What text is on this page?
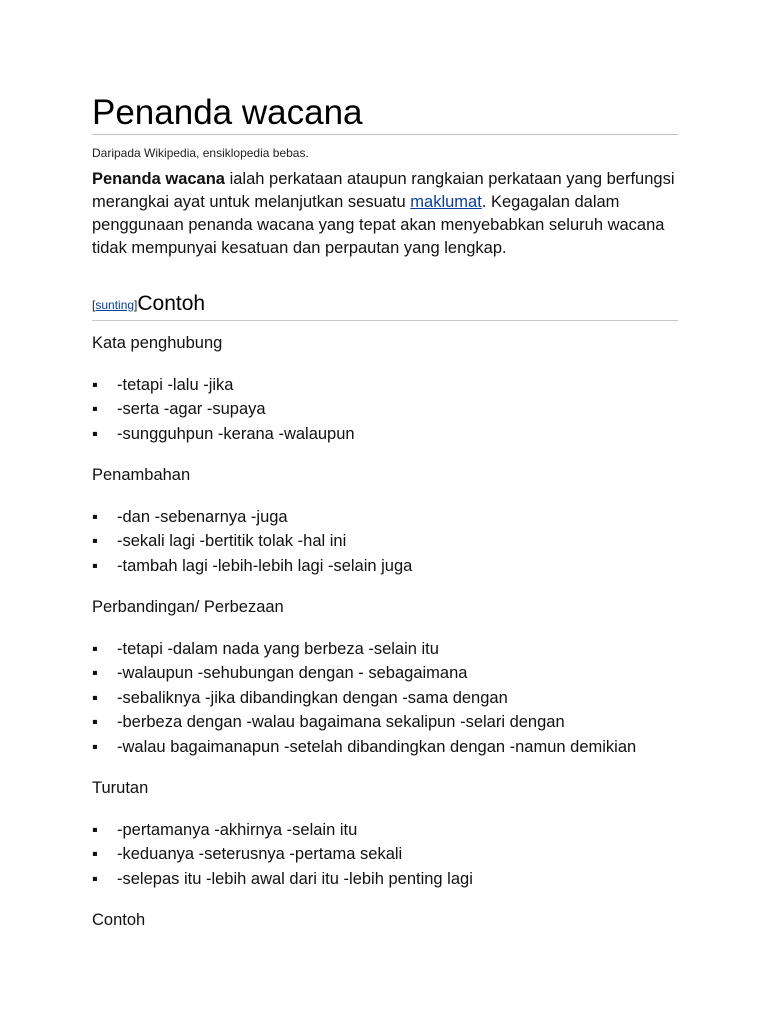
Penanda wacana
Daripada Wikipedia, ensiklopedia bebas.

Penanda wacana ialah perkataan ataupun rangkaian perkataan yang berfungsi merangkai ayat untuk melanjutkan sesuatu maklumat. Kegagalan dalam penggunaan penanda wacana yang tepat akan menyebabkan seluruh wacana tidak mempunyai kesatuan dan perpautan yang lengkap.

[sunting]Contoh

Kata penghubung

▪ -tetapi -lalu -jika
▪ -serta -agar -supaya
▪ -sungguhpun -kerana -walaupun

Penambahan

▪ -dan -sebenarnya -juga
▪ -sekali lagi -bertitik tolak -hal ini
▪ -tambah lagi -lebih-lebih lagi -selain juga

Perbandingan/ Perbezaan

▪ -tetapi -dalam nada yang berbeza -selain itu
▪ -walaupun -sehubungan dengan - sebagaimana
▪ -sebaliknya -jika dibandingkan dengan -sama dengan
▪ -berbeza dengan -walau bagaimana sekalipun -selari dengan
▪ -walau bagaimanapun -setelah dibandingkan dengan -namun demikian

Turutan

▪ -pertamanya -akhirnya -selain itu
▪ -keduanya -seterusnya -pertama sekali
▪ -selepas itu -lebih awal dari itu -lebih penting lagi

Contoh
